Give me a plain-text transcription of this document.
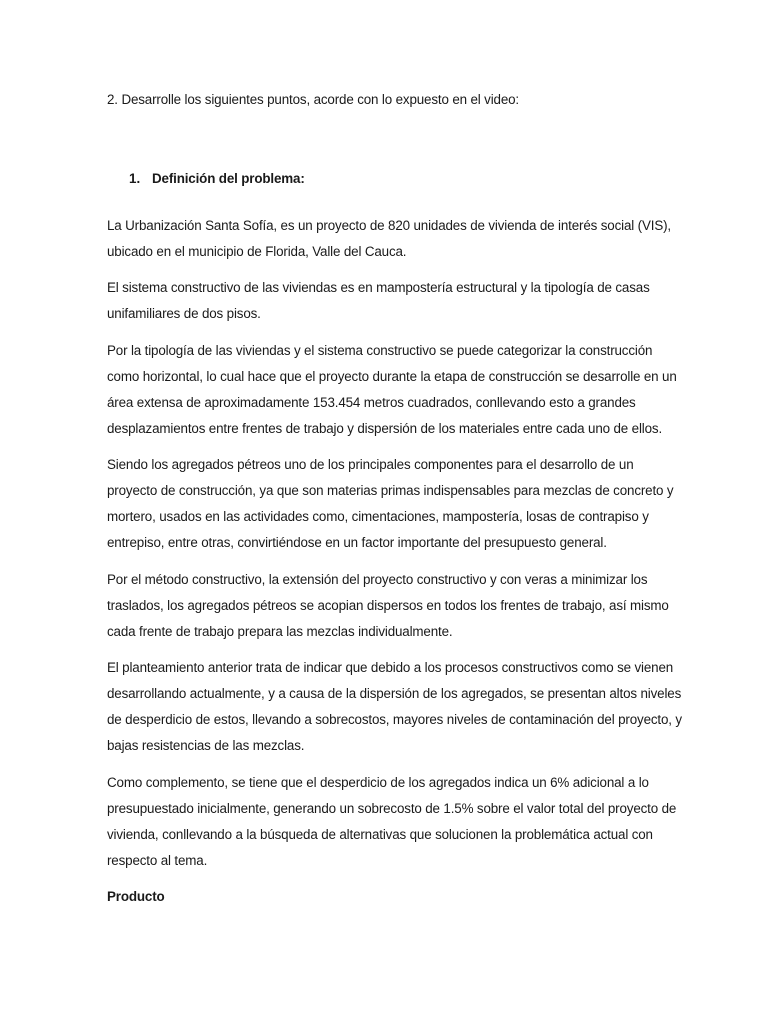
2. Desarrolle los siguientes puntos, acorde con lo expuesto en el video:
1. Definición del problema:
La Urbanización Santa Sofía, es un proyecto de 820 unidades de vivienda de interés social (VIS),
ubicado en el municipio de Florida, Valle del Cauca.
El sistema constructivo de las viviendas es en mampostería estructural y la tipología de casas
unifamiliares de dos pisos.
Por la tipología de las viviendas y el sistema constructivo se puede categorizar la construcción
como horizontal, lo cual hace que el proyecto durante la etapa de construcción se desarrolle en un
área extensa de aproximadamente 153.454 metros cuadrados, conllevando esto a grandes
desplazamientos entre frentes de trabajo y dispersión de los materiales entre cada uno de ellos.
Siendo los agregados pétreos uno de los principales componentes para el desarrollo de un
proyecto de construcción, ya que son materias primas indispensables para mezclas de concreto y
mortero, usados en las actividades como, cimentaciones, mampostería, losas de contrapiso y
entrepiso, entre otras, convirtiéndose en un factor importante del presupuesto general.
Por el método constructivo, la extensión del proyecto constructivo y con veras a minimizar los
traslados, los agregados pétreos se acopian dispersos en todos los frentes de trabajo, así mismo
cada frente de trabajo prepara las mezclas individualmente.
El planteamiento anterior trata de indicar que debido a los procesos constructivos como se vienen
desarrollando actualmente, y a causa de la dispersión de los agregados, se presentan altos niveles
de desperdicio de estos, llevando a sobrecostos, mayores niveles de contaminación del proyecto, y
bajas resistencias de las mezclas.
Como complemento, se tiene que el desperdicio de los agregados indica un 6% adicional a lo
presupuestado inicialmente, generando un sobrecosto de 1.5% sobre el valor total del proyecto de
vivienda, conllevando a la búsqueda de alternativas que solucionen la problemática actual con
respecto al tema.
Producto
